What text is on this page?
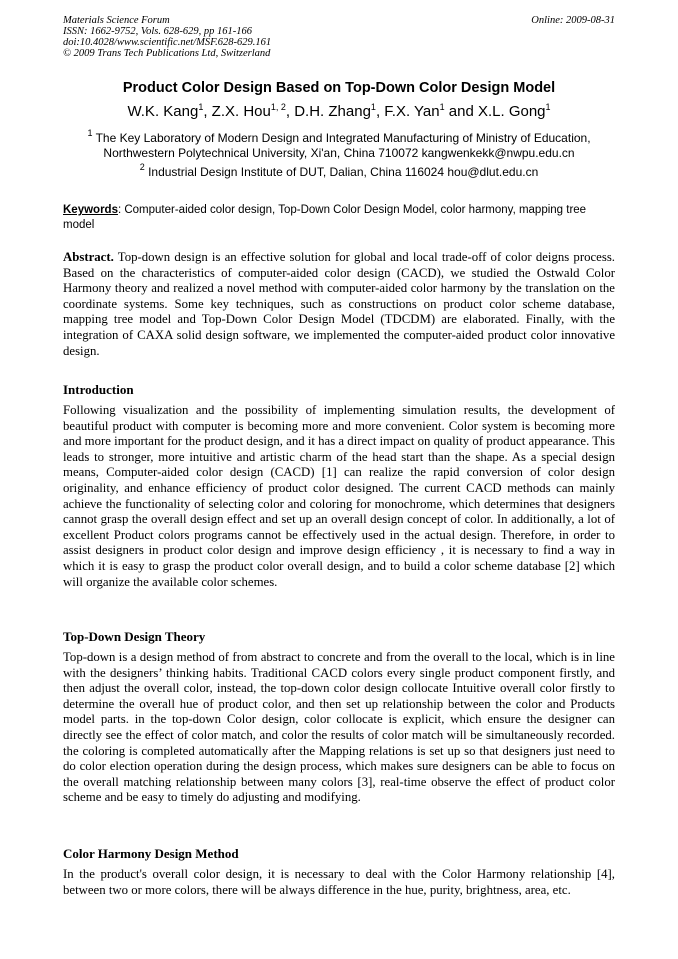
Materials Science Forum	Online: 2009-08-31
ISSN: 1662-9752, Vols. 628-629, pp 161-166
doi:10.4028/www.scientific.net/MSF.628-629.161
© 2009 Trans Tech Publications Ltd, Switzerland
Product Color Design Based on Top-Down Color Design Model
W.K. Kang$^1$, Z.X. Hou$^{1, 2}$, D.H. Zhang$^1$, F.X. Yan$^1$ and X.L. Gong$^1$
$^1$ The Key Laboratory of Modern Design and Integrated Manufacturing of Ministry of Education,
Northwestern Polytechnical University, Xi'an, China 710072 kangwenkekk@nwpu.edu.cn
$^2$ Industrial Design Institute of DUT, Dalian, China 116024 hou@dlut.edu.cn
Keywords: Computer-aided color design, Top-Down Color Design Model, color harmony, mapping tree model
Abstract. Top-down design is an effective solution for global and local trade-off of color deigns process. Based on the characteristics of computer-aided color design (CACD), we studied the Ostwald Color Harmony theory and realized a novel method with computer-aided color harmony by the translation on the coordinate systems. Some key techniques, such as constructions on product color scheme database, mapping tree model and Top-Down Color Design Model (TDCDM) are elaborated. Finally, with the integration of CAXA solid design software, we implemented the computer-aided product color innovative design.
Introduction
Following visualization and the possibility of implementing simulation results, the development of beautiful product with computer is becoming more and more convenient. Color system is becoming more and more important for the product design, and it has a direct impact on quality of product appearance. This leads to stronger, more intuitive and artistic charm of the head start than the shape. As a special design means, Computer-aided color design (CACD) [1] can realize the rapid conversion of color design originality, and enhance efficiency of product color designed. The current CACD methods can mainly achieve the functionality of selecting color and coloring for monochrome, which determines that designers cannot grasp the overall design effect and set up an overall design concept of color. In additionally, a lot of excellent Product colors programs cannot be effectively used in the actual design. Therefore, in order to assist designers in product color design and improve design efficiency , it is necessary to find a way in which it is easy to grasp the product color overall design, and to build a color scheme database [2] which will organize the available color schemes.
Top-Down Design Theory
Top-down is a design method of from abstract to concrete and from the overall to the local, which is in line with the designers’ thinking habits. Traditional CACD colors every single product component firstly, and then adjust the overall color, instead, the top-down color design collocate Intuitive overall color firstly to determine the overall hue of product color, and then set up relationship between the color and Products model parts. in the top-down Color design, color collocate is explicit, which ensure the designer can directly see the effect of color match, and color the results of color match will be simultaneously recorded. the coloring is completed automatically after the Mapping relations is set up so that designers just need to do color election operation during the design process, which makes sure designers can be able to focus on the overall matching relationship between many colors [3], real-time observe the effect of product color scheme and be easy to timely do adjusting and modifying.
Color Harmony Design Method
In the product's overall color design, it is necessary to deal with the Color Harmony relationship [4], between two or more colors, there will be always difference in the hue, purity, brightness, area, etc.
